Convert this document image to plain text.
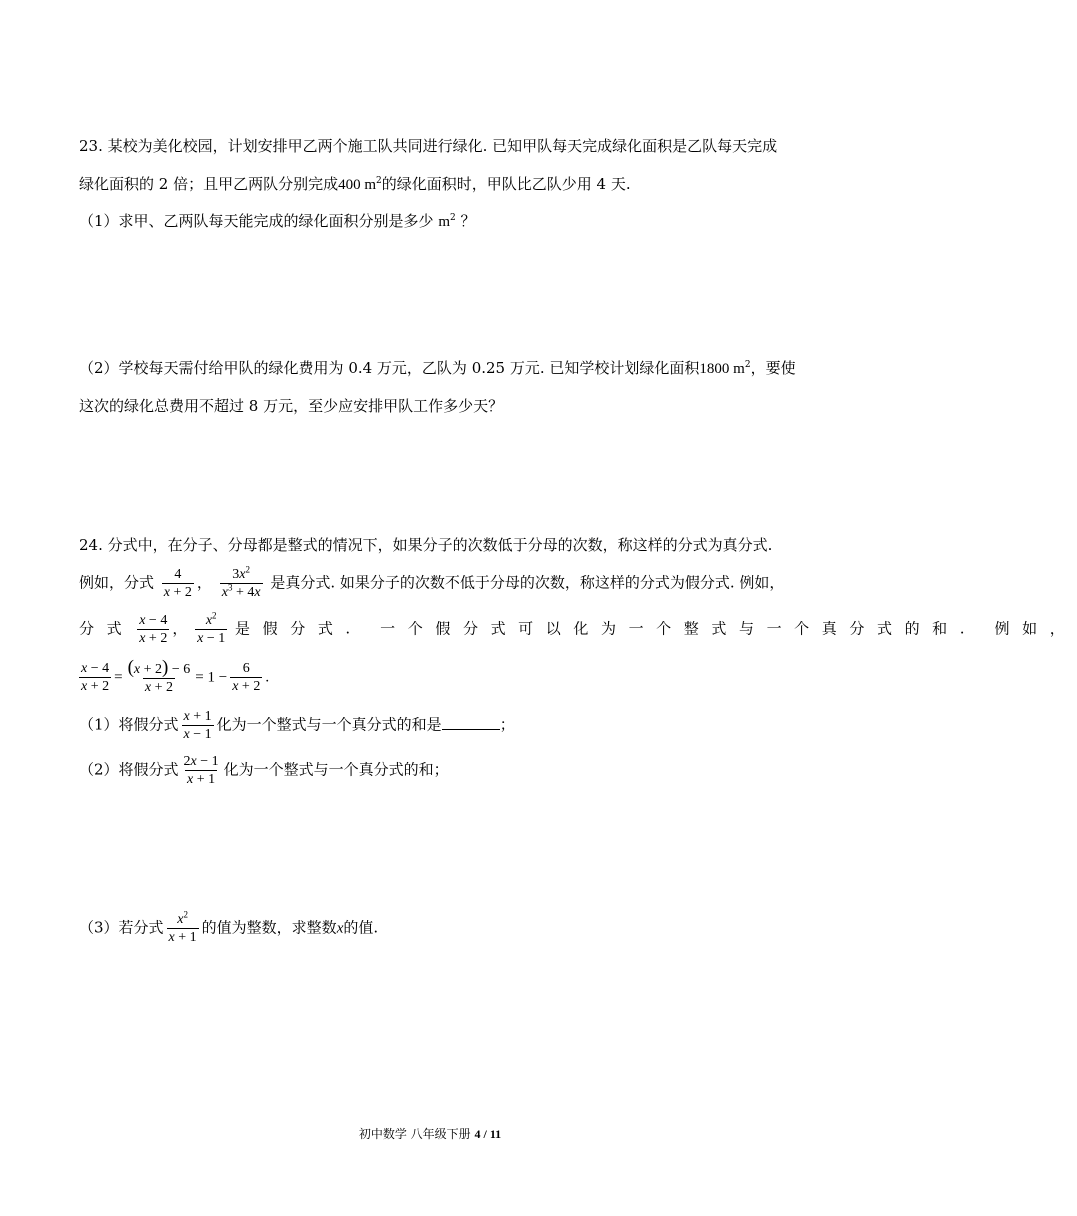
23. 某校为美化校园，计划安排甲乙两个施工队共同进行绿化. 已知甲队每天完成绿化面积是乙队每天完成
绿化面积的 2 倍；且甲乙两队分别完成400 $m^2$的绿化面积时，甲队比乙队少用 4 天.
（1）求甲、乙两队每天能完成的绿化面积分别是多少 $m^2$ ？
（2）学校每天需付给甲队的绿化费用为 0.4 万元，乙队为 0.25 万元. 已知学校计划绿化面积1800 $m^2$，要使
这次的绿化总费用不超过 8 万元，至少应安排甲队工作多少天？
24. 分式中，在分子、分母都是整式的情况下，如果分子的次数低于分母的次数，称这样的分式为真分式.
例如，分式 $\frac{4}{x + 2}$ ， $\frac{3x^2}{x^3 + 4x}$ 是真分式. 如果分子的次数不低于分母的次数，称这样的分式为假分式. 例如，
分式 $\frac{x - 4}{x + 2}$ ， $\frac{x^2}{x - 1}$ 是假分式. 一个假分式可以化为一个整式与一个真分式的和. 例如，
$\frac{x - 4}{x + 2} = \frac{(x + 2) - 6}{x + 2} = 1 - \frac{6}{x + 2}$ .
（1）将假分式 $\frac{x + 1}{x - 1}$ 化为一个整式与一个真分式的和是	；
（2）将假分式 $\frac{2x - 1}{x + 1}$ 化为一个整式与一个真分式的和；
（3）若分式 $\frac{x^2}{x + 1}$ 的值为整数，求整数x的值.
初中数学 八年级下册 4 / 11
